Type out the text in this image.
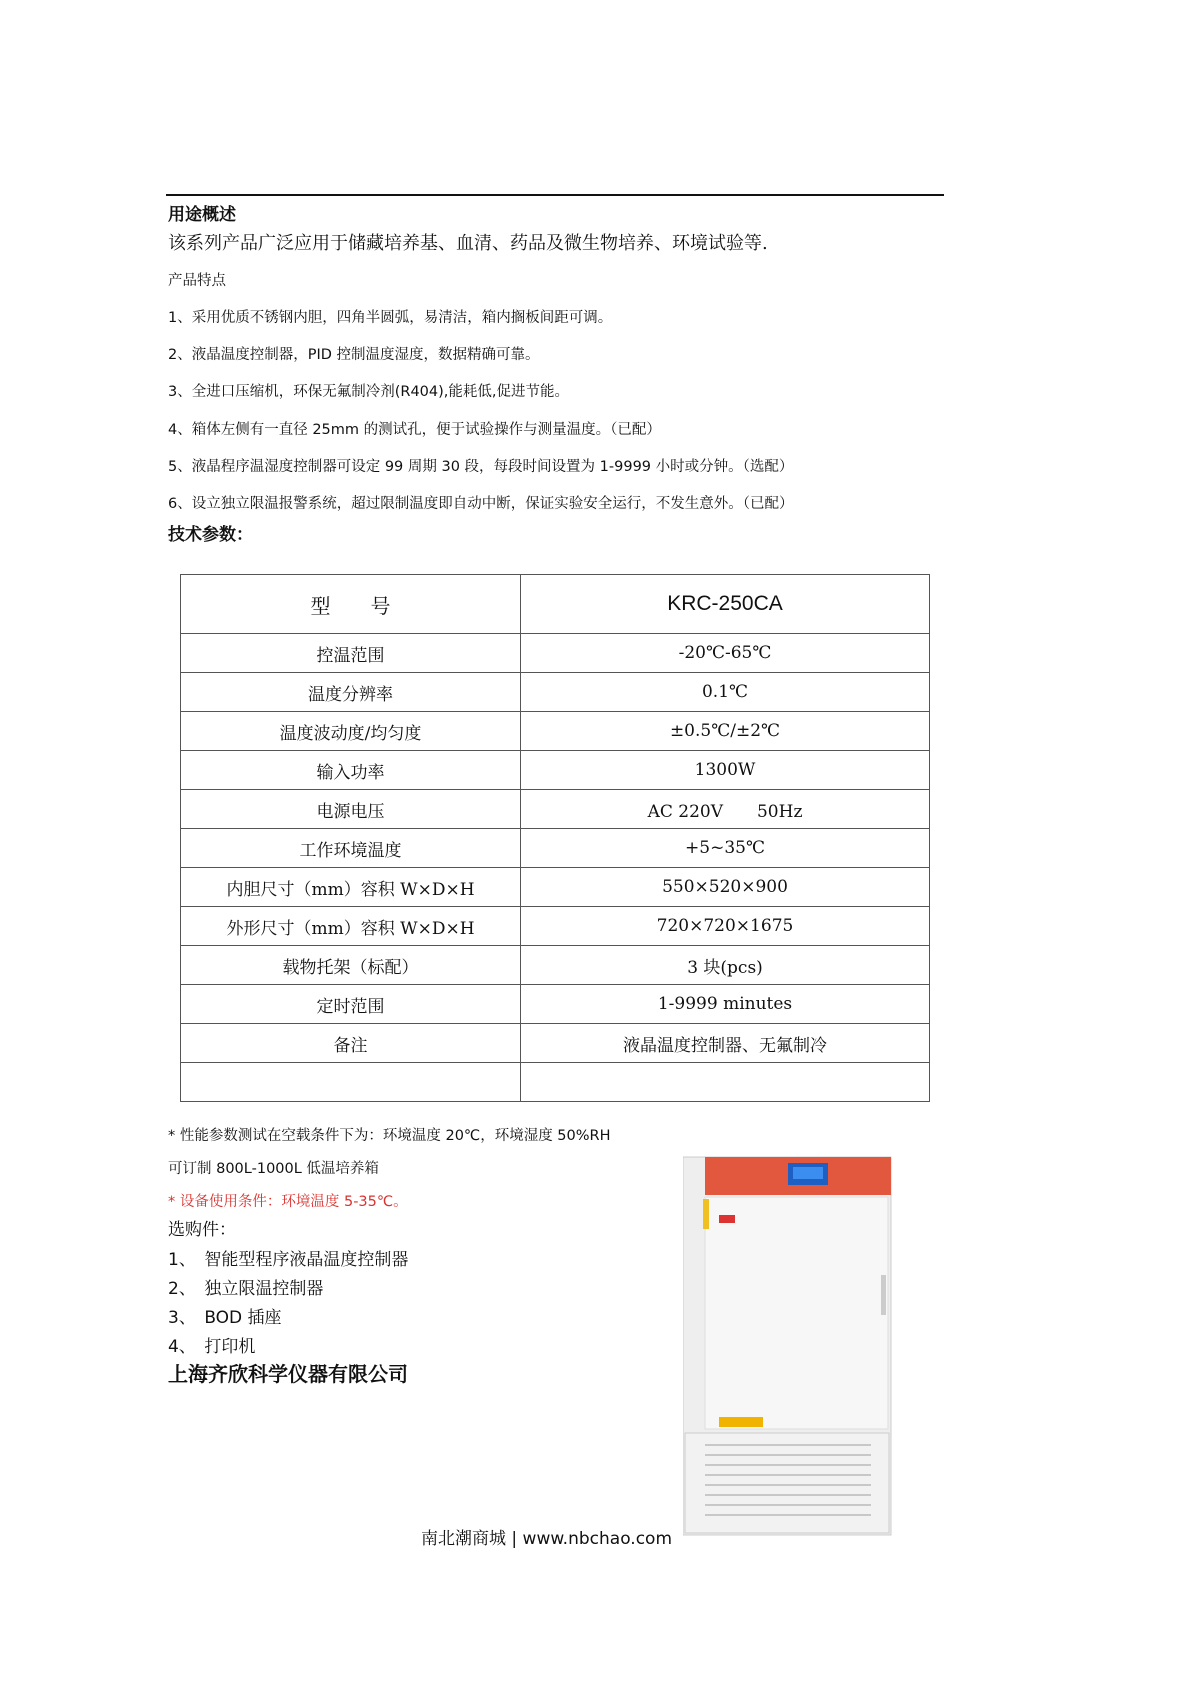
用途概述
该系列产品广泛应用于储藏培养基、血清、药品及微生物培养、环境试验等.
产品特点
1、采用优质不锈钢内胆，四角半圆弧，易清洁，箱内搁板间距可调。
2、液晶温度控制器，PID 控制温度湿度，数据精确可靠。
3、全进口压缩机，环保无氟制冷剂(R404),能耗低,促进节能。
4、箱体左侧有一直径 25mm 的测试孔，便于试验操作与测量温度。（已配）
5、液晶程序温湿度控制器可设定 99 周期 30 段，每段时间设置为 1-9999 小时或分钟。（选配）
6、设立独立限温报警系统，超过限制温度即自动中断，保证实验安全运行，不发生意外。（已配）
技术参数：
型　　号	KRC-250CA
控温范围	-20℃-65℃
温度分辨率	0.1℃
温度波动度/均匀度	±0.5℃/±2℃
输入功率	1300W
电源电压	AC 220V　　50Hz
工作环境温度	+5~35℃
内胆尺寸（mm）容积 W×D×H	550×520×900
外形尺寸（mm）容积 W×D×H	720×720×1675
载物托架（标配）	3 块(pcs)
定时范围	1-9999 minutes
备注	液晶温度控制器、无氟制冷

* 性能参数测试在空载条件下为：环境温度 20℃，环境湿度 50%RH
可订制 800L-1000L 低温培养箱
* 设备使用条件：环境温度 5-35℃。
选购件：
1、　智能型程序液晶温度控制器
2、　独立限温控制器
3、　BOD 插座
4、　打印机
上海齐欣科学仪器有限公司
南北潮商城 | www.nbchao.com
